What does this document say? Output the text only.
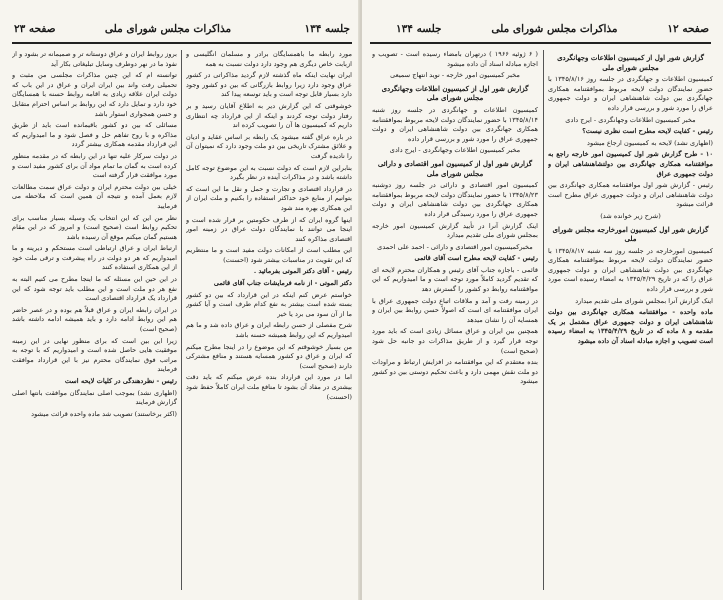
جلسه ۱۳۴
مذاکرات مجلس شورای ملی
صفحه ۲۳

مورد رابطه ما باهمسایگان برادر و مسلمان انگلیسی و ازبابت خاص دیگری هم وجود دارد دولت نسبت به همه

ایران نهایت اینکه ماه گذشته لازم گردید مذاکراتی در کشور عراق وجود دارد زیرا روابط بازرگانی که بین دو کشور وجود دارد بسیار قابل توجه است و باید توسعه پیدا کند

خوشوقتی که این گزارش دیر به اطلاع آقایان رسید و بر رفتار دولت توجه کردند و اینکه از این قرارداد چه انتظاری داریم که کمیسیون ها آن را تصویب کرده اند

در باره عراق گفته میشود یک رابطه بر اساس عقاید و ادیان و علائق مشترک تاریخی بین دو ملت وجود دارد که نمیتوان آن را نادیده گرفت

بنابراین لازم است که دولت نسبت به این موضوع توجه کامل داشته باشد و در مذاکرات آینده در نظر بگیرد

در قرارداد اقتصادی و تجارت و حمل و نقل ما این است که بتوانیم از منابع خود حداکثر استفاده را بکنیم و ملت ایران از این همکاری بهره مند شود

اینها گروه ایران که از طرف حکومتین بر قرار شده است و اینجا می توانند با نمایندگان دولت عراق در زمینه امور اقتصادی مذاکره کنند

این مطلب است از امکانات دولت مفید است و ما منتظریم که این تقویت در مناسبات بیشتر شود (احسنت)

رئیس - آقای دکتر الموتی بفرمائید .

دکتر الموتی - از نامه فرمایشات جناب آقای قائمی

خواستم عرض کنم اینکه در این قرارداد که بین دو کشور بسته شده است بیشتر به نفع کدام طرف است و آیا کشور ما از آن سود می برد یا خیر

شرح مفصلی از حسن رابطه ایران و عراق داده شد و ما هم امیدواریم که این روابط همیشه حسنه باشد

من بسیار خوشوقتم که این موضوع را در اینجا مطرح میکنم که ایران و عراق دو کشور همسایه هستند و منافع مشترکی دارند (صحیح است)

اما در مورد این قرارداد بنده عرض میکنم که باید دقت بیشتری در مفاد آن بشود تا منافع ملت ایران کاملاً حفظ شود (احسنت)

بروز روابط ایران و عراق دوستانه تر و صمیمانه تر بشود و از نفوذ ما در نهر دوطرف وسایل تبلیغاتی بکار آید

توانسته ام که این چنین مذاکرات مجلسی من مثبت و تحمیلی رفت واند بین ایران ایران و عراق در این باب که دولت ایران علاقه زیادی به اقامه روابط حسنه با همسایگان خود دارد و تمایل دارد که این روابط بر اساس احترام متقابل و حسن همجواری استوار باشد

مسائلی که بین دو کشور باقیمانده است باید از طریق مذاکره و با روح تفاهم حل و فصل شود و ما امیدواریم که این قرارداد مقدمه همکاری بیشتر گردد

در دولت سرکار علیه تنها در این رابطه که در مقدمه منظور کرده است به گمان ما تمام مواد آن برای کشور مفید است و مورد موافقت قرار گرفته است

خیلی بین دولت محترم ایران و دولت عراق سمت مطالعات لازم بعمل آمده و نتیجه آن همین است که ملاحظه می فرمایید

نظر من این که این انتخاب یک وسیله بسیار مناسب برای تحکیم روابط است (صحیح است) و امروز که در این مقام هستیم گمان میکنم موقع آن رسیده باشد

ارتباط ایران و عراق ارتباطی است مستحکم و دیرینه و ما امیدواریم که هر دو دولت در راه پیشرفت و ترقی ملت خود از این همکاری استفاده کنند

در این حین این مسئله که ما اینجا مطرح می کنیم البته به نفع هر دو ملت است و این مطلب باید توجه شود که این قرارداد یک قرارداد اقتصادی است

در ایران رابطه ایران و عراق قبلاً هم بوده و در عصر حاضر هم این روابط ادامه دارد و باید همیشه ادامه داشته باشد (صحیح است)

زیرا این بین است که برای منظور نهایی در این زمینه موفقیت هایی حاصل شده است و امیدواریم که با توجه به مراتب فوق نمایندگان محترم نیز با این قرارداد موافقت فرمایند

رئیس - نظردهندگی در کلیات لایحه است

(اظهاری نشد) بموجب اصلی نمایندگان موافقت بانتها اصلی گزارش فرمایند

(اکثر برخاستند) تصویب شد ماده واحده قرائت میشود

صفحه ۱۲
مذاکرات مجلس شورای ملی
جلسه ۱۳۴

گزارش شور اول از کمیسیون اطلاعات وجهانگردی مجلس شورای ملی

کمیسیون اطلاعات و جهانگردی در جلسه روز ۱۳۴۵/۸/۱۶ با حضور نمایندگان دولت لایحه مربوط بموافقتنامه همکاری جهانگردی بین دولت شاهنشاهی ایران و دولت جمهوری عراق را مورد شور و بررسی قرار داده

مخبر کمیسیون اطلاعات وجهانگردی - ایرج دادی

رئیس - کفایت لایحه مطرح است نظری نیست؟

(اظهاری نشد) لایحه به کمیسیون ارجاع میشود

۱۰ - طرح گزارش شور اول کمیسیون امور خارجه راجع به موافقتنامه همکاری جهانگردی بین دولتشاهنشاهی ایران و دولت جمهوری عراق

رئیس - گزارش شور اول موافقتنامه همکاری جهانگردی بین دولت شاهنشاهی ایران و دولت جمهوری عراق مطرح است قرائت میشود

(شرح زیر خوانده شد)

گزارش شور اول کمیسیون امورخارجه مجلس شورای ملی

کمیسیون امورخارجه در جلسه روز سه شنبه ۱۳۴۵/۸/۱۷ با حضور نمایندگان دولت لایحه مربوط بموافقتنامه همکاری جهانگردی بین دولت شاهنشاهی ایران و دولت جمهوری عراق را که در تاریخ ۱۳۴۵/۴/۲۹ به امضاء رسیده است مورد شور و بررسی قرار داده

اینک گزارش آنرا بمجلس شورای ملی تقدیم میدارد

ماده واحده - موافقتنامه همکاری جهانگردی بین دولت شاهنشاهی ایران و دولت جمهوری عراق مشتمل بر یک مقدمه و ۸ ماده که در تاریخ ۱۳۴۵/۴/۲۹ به امضاء رسیده است تصویب و اجازه مبادله اسناد آن داده میشود

( ۶ ژوئیه ۱۹۶۶ ) درتهران بامضاء رسیده است - تصویب و اجازه مبادله اسناد آن داده میشود

مخبر کمیسیون امور خارجه - نوید انتهاج سمیعی

گزارش شور اول از کمیسیون اطلاعات وجهانگردی مجلس شورای ملی

کمیسیون اطلاعات و جهانگردی در جلسه روز شنبه ۱۳۴۵/۸/۱۴ با حضور نمایندگان دولت لایحه مربوط بموافقتنامه همکاری جهانگردی بین دولت شاهنشاهی ایران و دولت جمهوری عراق را مورد شور و بررسی قرار داده

مخبر کمیسیون اطلاعات وجهانگردی - ایرج دادی

گزارش شور اول از کمیسیون امور اقتصادی و دارائی مجلس شورای ملی

کمیسیون امور اقتصادی و دارائی در جلسه روز دوشنبه ۱۳۴۵/۸/۲۳ با حضور نمایندگان دولت لایحه مربوط بموافقتنامه همکاری جهانگردی بین دولت شاهنشاهی ایران و دولت جمهوری عراق را مورد رسیدگی قرار داده

اینک گزارش آنرا در تأیید گزارش کمیسیون امور خارجه بمجلس شورای ملی تقدیم میدارد

مخبرکمیسیون امور اقتصادی و دارائی - احمد علی احمدی

رئیس - کفایت لایحه مطرح است آقای قائمی

قائمی - باجازه جناب آقای رئیس و همکاران محترم لایحه ای که تقدیم گردید کاملاً مورد توجه است و ما امیدواریم که این موافقتنامه روابط دو کشور را گسترش دهد

در زمینه رفت و آمد و ملاقات اتباع دولت جمهوری عراق با ایران موافقتنامه ای است که اصولاً حسن روابط بین ایران و همسایه آن را نشان میدهد

همچنین بین ایران و عراق مسائل زیادی است که باید مورد توجه قرار گیرد و از طریق مذاکرات دو جانبه حل شود (صحیح است)

بنده معتقدم که این موافقتنامه در افزایش ارتباط و مراودات دو ملت نقش مهمی دارد و باعث تحکیم دوستی بین دو کشور میشود
